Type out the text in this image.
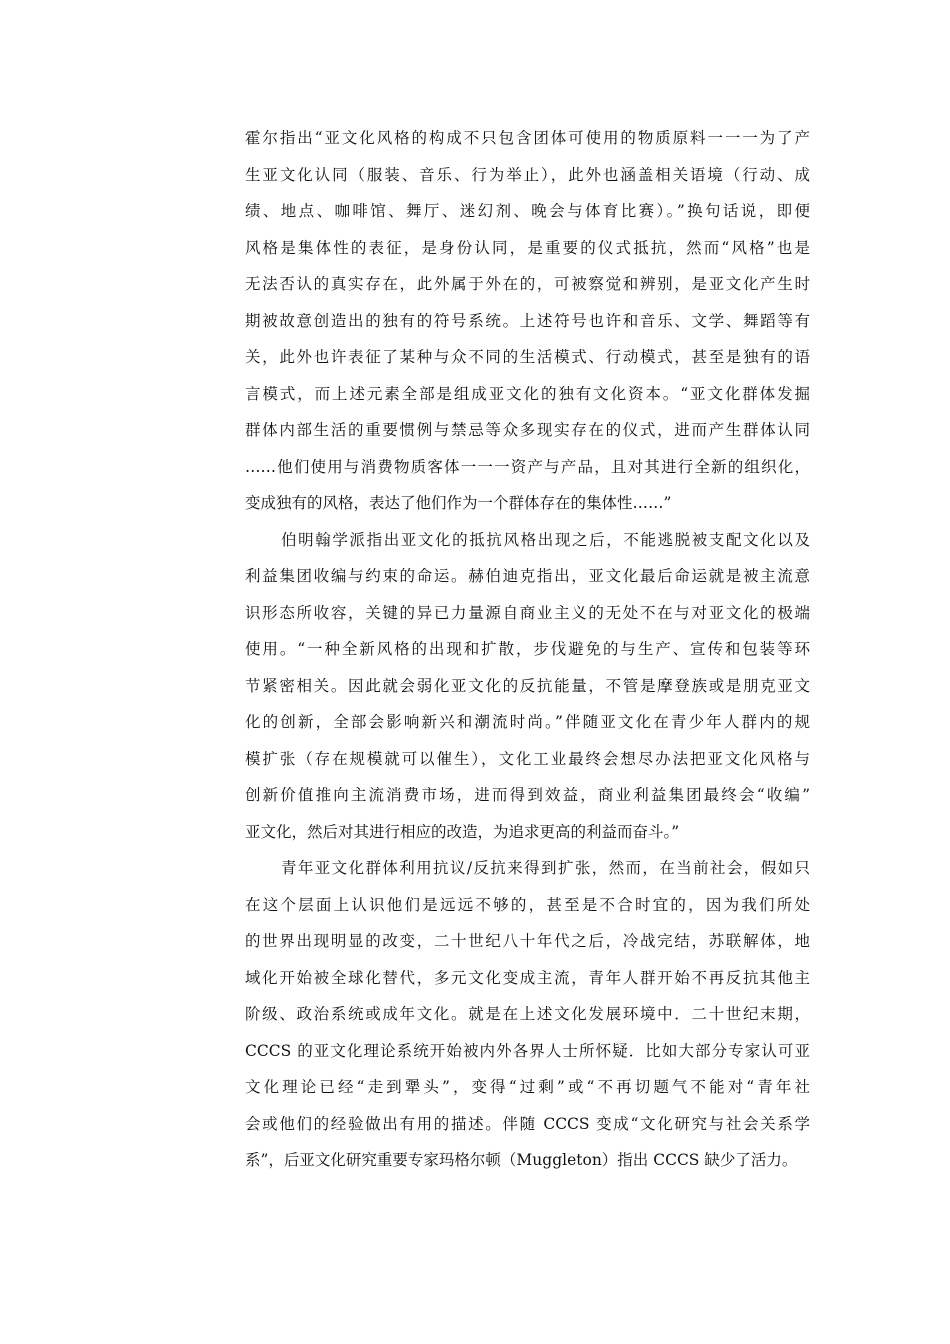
霍尔指出“亚文化风格的构成不只包含团体可使用的物质原料一一一为了产
生亚文化认同（服装、音乐、行为举止），此外也涵盖相关语境（行动、成
绩、地点、咖啡馆、舞厅、迷幻剂、晚会与体育比赛）。”换句话说，即便
风格是集体性的表征，是身份认同，是重要的仪式抵抗，然而“风格”也是
无法否认的真实存在，此外属于外在的，可被察觉和辨别，是亚文化产生时
期被故意创造出的独有的符号系统。上述符号也许和音乐、文学、舞蹈等有
关，此外也许表征了某种与众不同的生活模式、行动模式，甚至是独有的语
言模式，而上述元素全部是组成亚文化的独有文化资本。“亚文化群体发掘
群体内部生活的重要惯例与禁忌等众多现实存在的仪式，进而产生群体认同
……他们使用与消费物质客体一一一资产与产品，且对其进行全新的组织化，
变成独有的风格，表达了他们作为一个群体存在的集体性……”
伯明翰学派指出亚文化的抵抗风格出现之后，不能逃脱被支配文化以及
利益集团收编与约束的命运。赫伯迪克指出，亚文化最后命运就是被主流意
识形态所收容，关键的异已力量源自商业主义的无处不在与对亚文化的极端
使用。“一种全新风格的出现和扩散，步伐避免的与生产、宣传和包装等环
节紧密相关。因此就会弱化亚文化的反抗能量，不管是摩登族或是朋克亚文
化的创新，全部会影响新兴和潮流时尚。”伴随亚文化在青少年人群内的规
模扩张（存在规模就可以催生），文化工业最终会想尽办法把亚文化风格与
创新价值推向主流消费市场，进而得到效益，商业利益集团最终会“收编”
亚文化，然后对其进行相应的改造，为追求更高的利益而奋斗。”
青年亚文化群体利用抗议/反抗来得到扩张，然而，在当前社会，假如只
在这个层面上认识他们是远远不够的，甚至是不合时宜的，因为我们所处
的世界出现明显的改变，二十世纪八十年代之后，冷战完结，苏联解体，地
域化开始被全球化替代，多元文化变成主流，青年人群开始不再反抗其他主
阶级、政治系统或成年文化。就是在上述文化发展环境中．二十世纪末期，
CCCS 的亚文化理论系统开始被内外各界人士所怀疑．比如大部分专家认可亚
文化理论已经“走到犟头”，变得“过剩”或“不再切题气不能对“青年社
会或他们的经验做出有用的描述。伴随 CCCS 变成“文化研究与社会关系学
系”，后亚文化研究重要专家玛格尔顿（Muggleton）指出 CCCS 缺少了活力。
